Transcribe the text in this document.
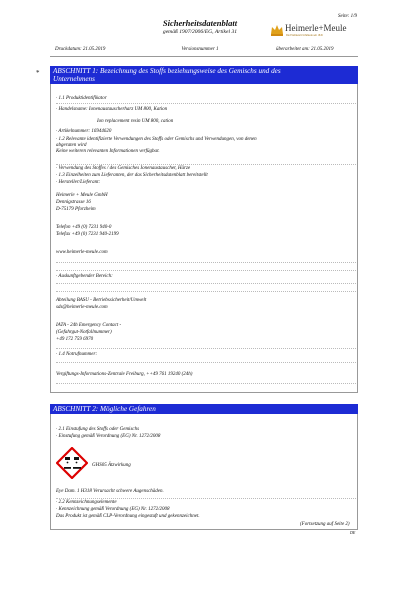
Seite: 1/9
Sicherheitsdatenblatt
gemäß 1907/2006/EG, Artikel 31	Heimerle+Meule
Die Edelmetall-Schmiede seit 1845
Druckdatum: 21.05.2019	Versionsnummer 1	überarbeitet am: 21.05.2019
* ABSCHNITT 1: Bezeichnung des Stoffs beziehungsweise des Gemischs und des
Unternehmens
· 1.1 Produktidentifikator
· Handelsname: Ionenaustauscherharz UM 800, Kation
Ion replacement resin UM 800, cation
· Artikelnummer: 16944620
· 1.2 Relevante identifizierte Verwendungen des Stoffs oder Gemischs und Verwendungen, von denen
abgeraten wird
Keine weiteren relevanten Informationen verfügbar.
· Verwendung des Stoffes / des Gemisches Ionenaustauscher, Härze
· 1.3 Einzelheiten zum Lieferanten, der das Sicherheitsdatenblatt bereitstellt
· Hersteller/Lieferant:
Heimerle + Meule GmbH
Dennigstrasse 16
D-75179 Pforzheim
Telefon +49 (0) 7231 940-0
Telefax +49 (0) 7231 940-2199
www.heimerle-meule.com
· Auskunftgebender Bereich:
Abteilung BASU - Betriebssicherheit/Umwelt
sds@heimerle-meule.com
IATA - 24h Emergency Contact -
(Gefahrgut-Notfallnummer)
+49 172 759 6970
· 1.4 Notrufnummer:
Vergiftungs-Informations-Zentrale Freiburg, ++49 761 19240 (24h)
ABSCHNITT 2: Mögliche Gefahren
· 2.1 Einstufung des Stoffs oder Gemischs
· Einstufung gemäß Verordnung (EG) Nr. 1272/2008
GHS05 Ätzwirkung
Eye Dam. 1 H318 Verursacht schwere Augenschäden.
· 2.2 Kennzeichnungselemente
· Kennzeichnung gemäß Verordnung (EG) Nr. 1272/2008
Das Produkt ist gemäß CLP-Verordnung eingestuft und gekennzeichnet.
(Fortsetzung auf Seite 2)
DE
